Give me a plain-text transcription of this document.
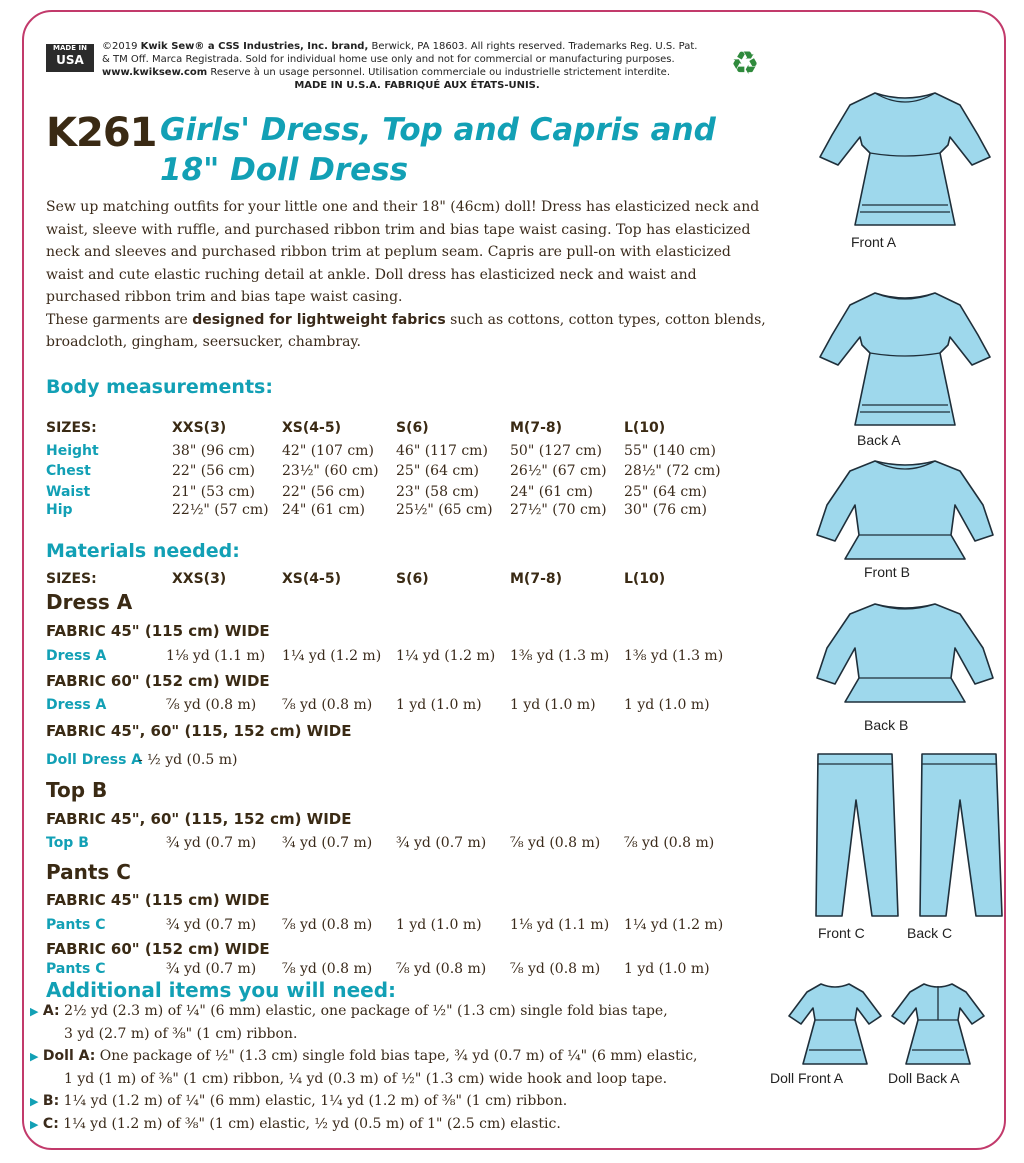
MADE IN
USA
©2019 Kwik Sew® a CSS Industries, Inc. brand, Berwick, PA 18603. All rights reserved. Trademarks Reg. U.S. Pat.
& TM Off. Marca Registrada. Sold for individual home use only and not for commercial or manufacturing purposes.
www.kwiksew.com Reserve à un usage personnel. Utilisation commerciale ou industrielle strictement interdite.
MADE IN U.S.A. FABRIQUÉ AUX ÉTATS-UNIS.
♻
K261 Girls' Dress, Top and Capris and
18" Doll Dress
Sew up matching outfits for your little one and their 18" (46cm) doll! Dress has elasticized neck and waist, sleeve with ruffle, and purchased ribbon trim and bias tape waist casing. Top has elasticized neck and sleeves and purchased ribbon trim at peplum seam. Capris are pull-on with elasticized waist and cute elastic ruching detail at ankle. Doll dress has elasticized neck and waist and purchased ribbon trim and bias tape waist casing.
These garments are designed for lightweight fabrics such as cottons, cotton types, cotton blends, broadcloth, gingham, seersucker, chambray.
Body measurements:
SIZES:	XXS(3)	XS(4-5)	S(6)	M(7-8)	L(10)
Height	38" (96 cm) 42" (107 cm) 46" (117 cm) 50" (127 cm) 55" (140 cm)
Chest	22" (56 cm) 23½" (60 cm) 25" (64 cm) 26½" (67 cm) 28½" (72 cm)
Waist	21" (53 cm) 22" (56 cm) 23" (58 cm) 24" (61 cm) 25" (64 cm)
Hip	22½" (57 cm) 24" (61 cm) 25½" (65 cm) 27½" (70 cm) 30" (76 cm)
Materials needed:
SIZES:	XXS(3)	XS(4-5)	S(6)	M(7-8)	L(10)
Dress A
FABRIC 45" (115 cm) WIDE
Dress A	1⅛ yd (1.1 m) 1¼ yd (1.2 m) 1¼ yd (1.2 m) 1⅜ yd (1.3 m) 1⅜ yd (1.3 m)
FABRIC 60" (152 cm) WIDE
Dress A	⅞ yd (0.8 m) ⅞ yd (0.8 m) 1 yd (1.0 m) 1 yd (1.0 m) 1 yd (1.0 m)
FABRIC 45", 60" (115, 152 cm) WIDE
Doll Dress A
- ½ yd (0.5 m)
Top B
FABRIC 45", 60" (115, 152 cm) WIDE
Top B	¾ yd (0.7 m) ¾ yd (0.7 m) ¾ yd (0.7 m) ⅞ yd (0.8 m) ⅞ yd (0.8 m)
Pants C
FABRIC 45" (115 cm) WIDE
Pants C	¾ yd (0.7 m) ⅞ yd (0.8 m) 1 yd (1.0 m) 1⅛ yd (1.1 m) 1¼ yd (1.2 m)
FABRIC 60" (152 cm) WIDE
Pants C	¾ yd (0.7 m) ⅞ yd (0.8 m) ⅞ yd (0.8 m) ⅞ yd (0.8 m) 1 yd (1.0 m)
Additional items you will need:
▶ A: 2½ yd (2.3 m) of ¼" (6 mm) elastic, one package of ½" (1.3 cm) single fold bias tape,
3 yd (2.7 m) of ⅜" (1 cm) ribbon.
▶ Doll A: One package of ½" (1.3 cm) single fold bias tape, ¾ yd (0.7 m) of ¼" (6 mm) elastic,
1 yd (1 m) of ⅜" (1 cm) ribbon, ¼ yd (0.3 m) of ½" (1.3 cm) wide hook and loop tape.
▶ B: 1¼ yd (1.2 m) of ¼" (6 mm) elastic, 1¼ yd (1.2 m) of ⅜" (1 cm) ribbon.
▶ C: 1¼ yd (1.2 m) of ⅜" (1 cm) elastic, ½ yd (0.5 m) of 1" (2.5 cm) elastic.
Front A
Back A
Front B
Back B
Front C	Back C
Doll Front A	Doll Back A
